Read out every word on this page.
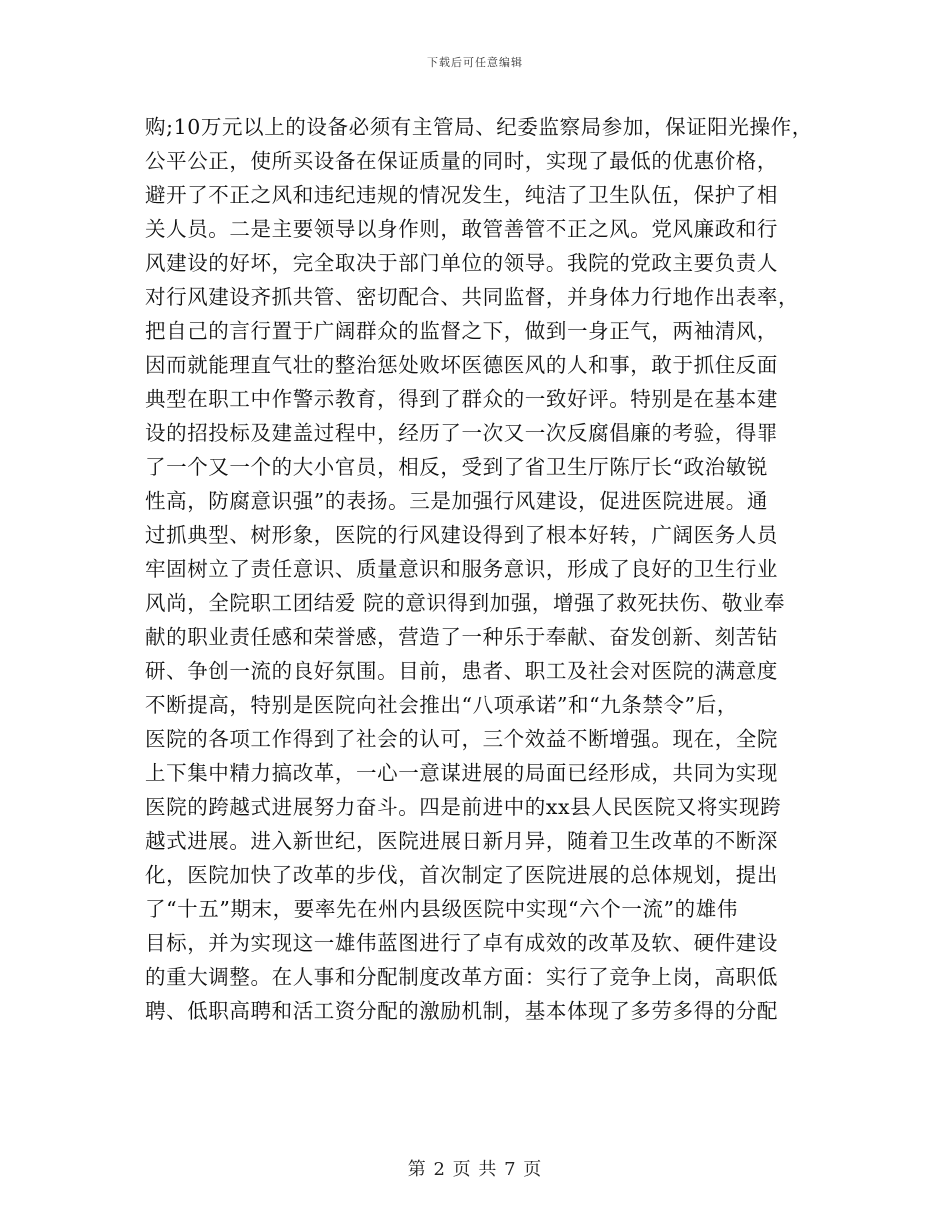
下载后可任意编辑
购;10万元以上的设备必须有主管局、纪委监察局参加，保证阳光操作，
公平公正，使所买设备在保证质量的同时，实现了最低的优惠价格，
避开了不正之风和违纪违规的情况发生，纯洁了卫生队伍，保护了相
关人员。二是主要领导以身作则，敢管善管不正之风。党风廉政和行
风建设的好坏，完全取决于部门单位的领导。我院的党政主要负责人
对行风建设齐抓共管、密切配合、共同监督，并身体力行地作出表率，
把自己的言行置于广阔群众的监督之下，做到一身正气，两袖清风，
因而就能理直气壮的整治惩处败坏医德医风的人和事，敢于抓住反面
典型在职工中作警示教育，得到了群众的一致好评。特别是在基本建
设的招投标及建盖过程中，经历了一次又一次反腐倡廉的考验，得罪
了一个又一个的大小官员，相反，受到了省卫生厅陈厅长“政治敏锐
性高，防腐意识强”的表扬。三是加强行风建设，促进医院进展。通
过抓典型、树形象，医院的行风建设得到了根本好转，广阔医务人员
牢固树立了责任意识、质量意识和服务意识，形成了良好的卫生行业
风尚，全院职工团结爱 院的意识得到加强，增强了救死扶伤、敬业奉
献的职业责任感和荣誉感，营造了一种乐于奉献、奋发创新、刻苦钻
研、争创一流的良好氛围。目前，患者、职工及社会对医院的满意度
不断提高，特别是医院向社会推出“八项承诺”和“九条禁令”后，
医院的各项工作得到了社会的认可，三个效益不断增强。现在，全院
上下集中精力搞改革，一心一意谋进展的局面已经形成，共同为实现
医院的跨越式进展努力奋斗。四是前进中的xx县人民医院又将实现跨
越式进展。进入新世纪，医院进展日新月异，随着卫生改革的不断深
化，医院加快了改革的步伐，首次制定了医院进展的总体规划，提出
了“十五”期末，要率先在州内县级医院中实现“六个一流”的雄伟
目标，并为实现这一雄伟蓝图进行了卓有成效的改革及软、硬件建设
的重大调整。在人事和分配制度改革方面：实行了竞争上岗，高职低
聘、低职高聘和活工资分配的激励机制，基本体现了多劳多得的分配
第 2 页 共 7 页
